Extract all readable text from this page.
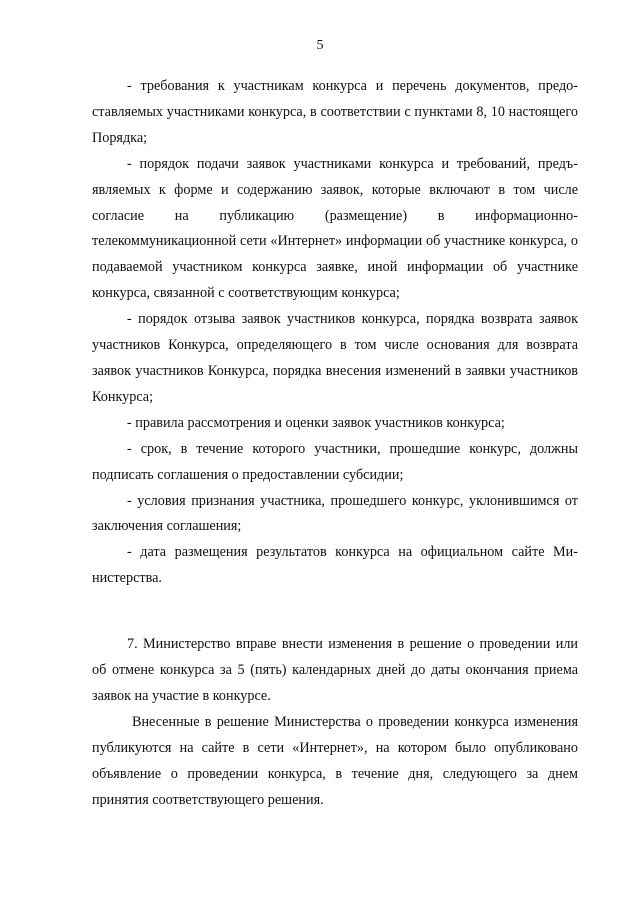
5

- требования к участникам конкурса и перечень документов, предоставляемых участниками конкурса, в соответствии с пунктами 8, 10 настоящего Порядка;

- порядок подачи заявок участниками конкурса и требований, предъявляемых к форме и содержанию заявок, которые включают в том числе согласие на публикацию (размещение) в информационно-телекоммуникационной сети «Интернет» информации об участнике конкурса, о подаваемой участником конкурса заявке, иной информации об участнике конкурса, связанной с соответствующим конкурса;

- порядок отзыва заявок участников конкурса, порядка возврата заявок участников Конкурса, определяющего в том числе основания для возврата заявок участников Конкурса, порядка внесения изменений в заявки участников Конкурса;

- правила рассмотрения и оценки заявок участников конкурса;

- срок, в течение которого участники, прошедшие конкурс, должны подписать соглашения о предоставлении субсидии;

- условия признания участника, прошедшего конкурс, уклонившимся от заключения соглашения;

- дата размещения результатов конкурса на официальном сайте Министерства.

7. Министерство вправе внести изменения в решение о проведении или об отмене конкурса за 5 (пять) календарных дней до даты окончания приема заявок на участие в конкурсе.

Внесенные в решение Министерства о проведении конкурса изменения публикуются на сайте в сети «Интернет», на котором было опубликовано объявление о проведении конкурса, в течение дня, следующего за днем принятия соответствующего решения.
